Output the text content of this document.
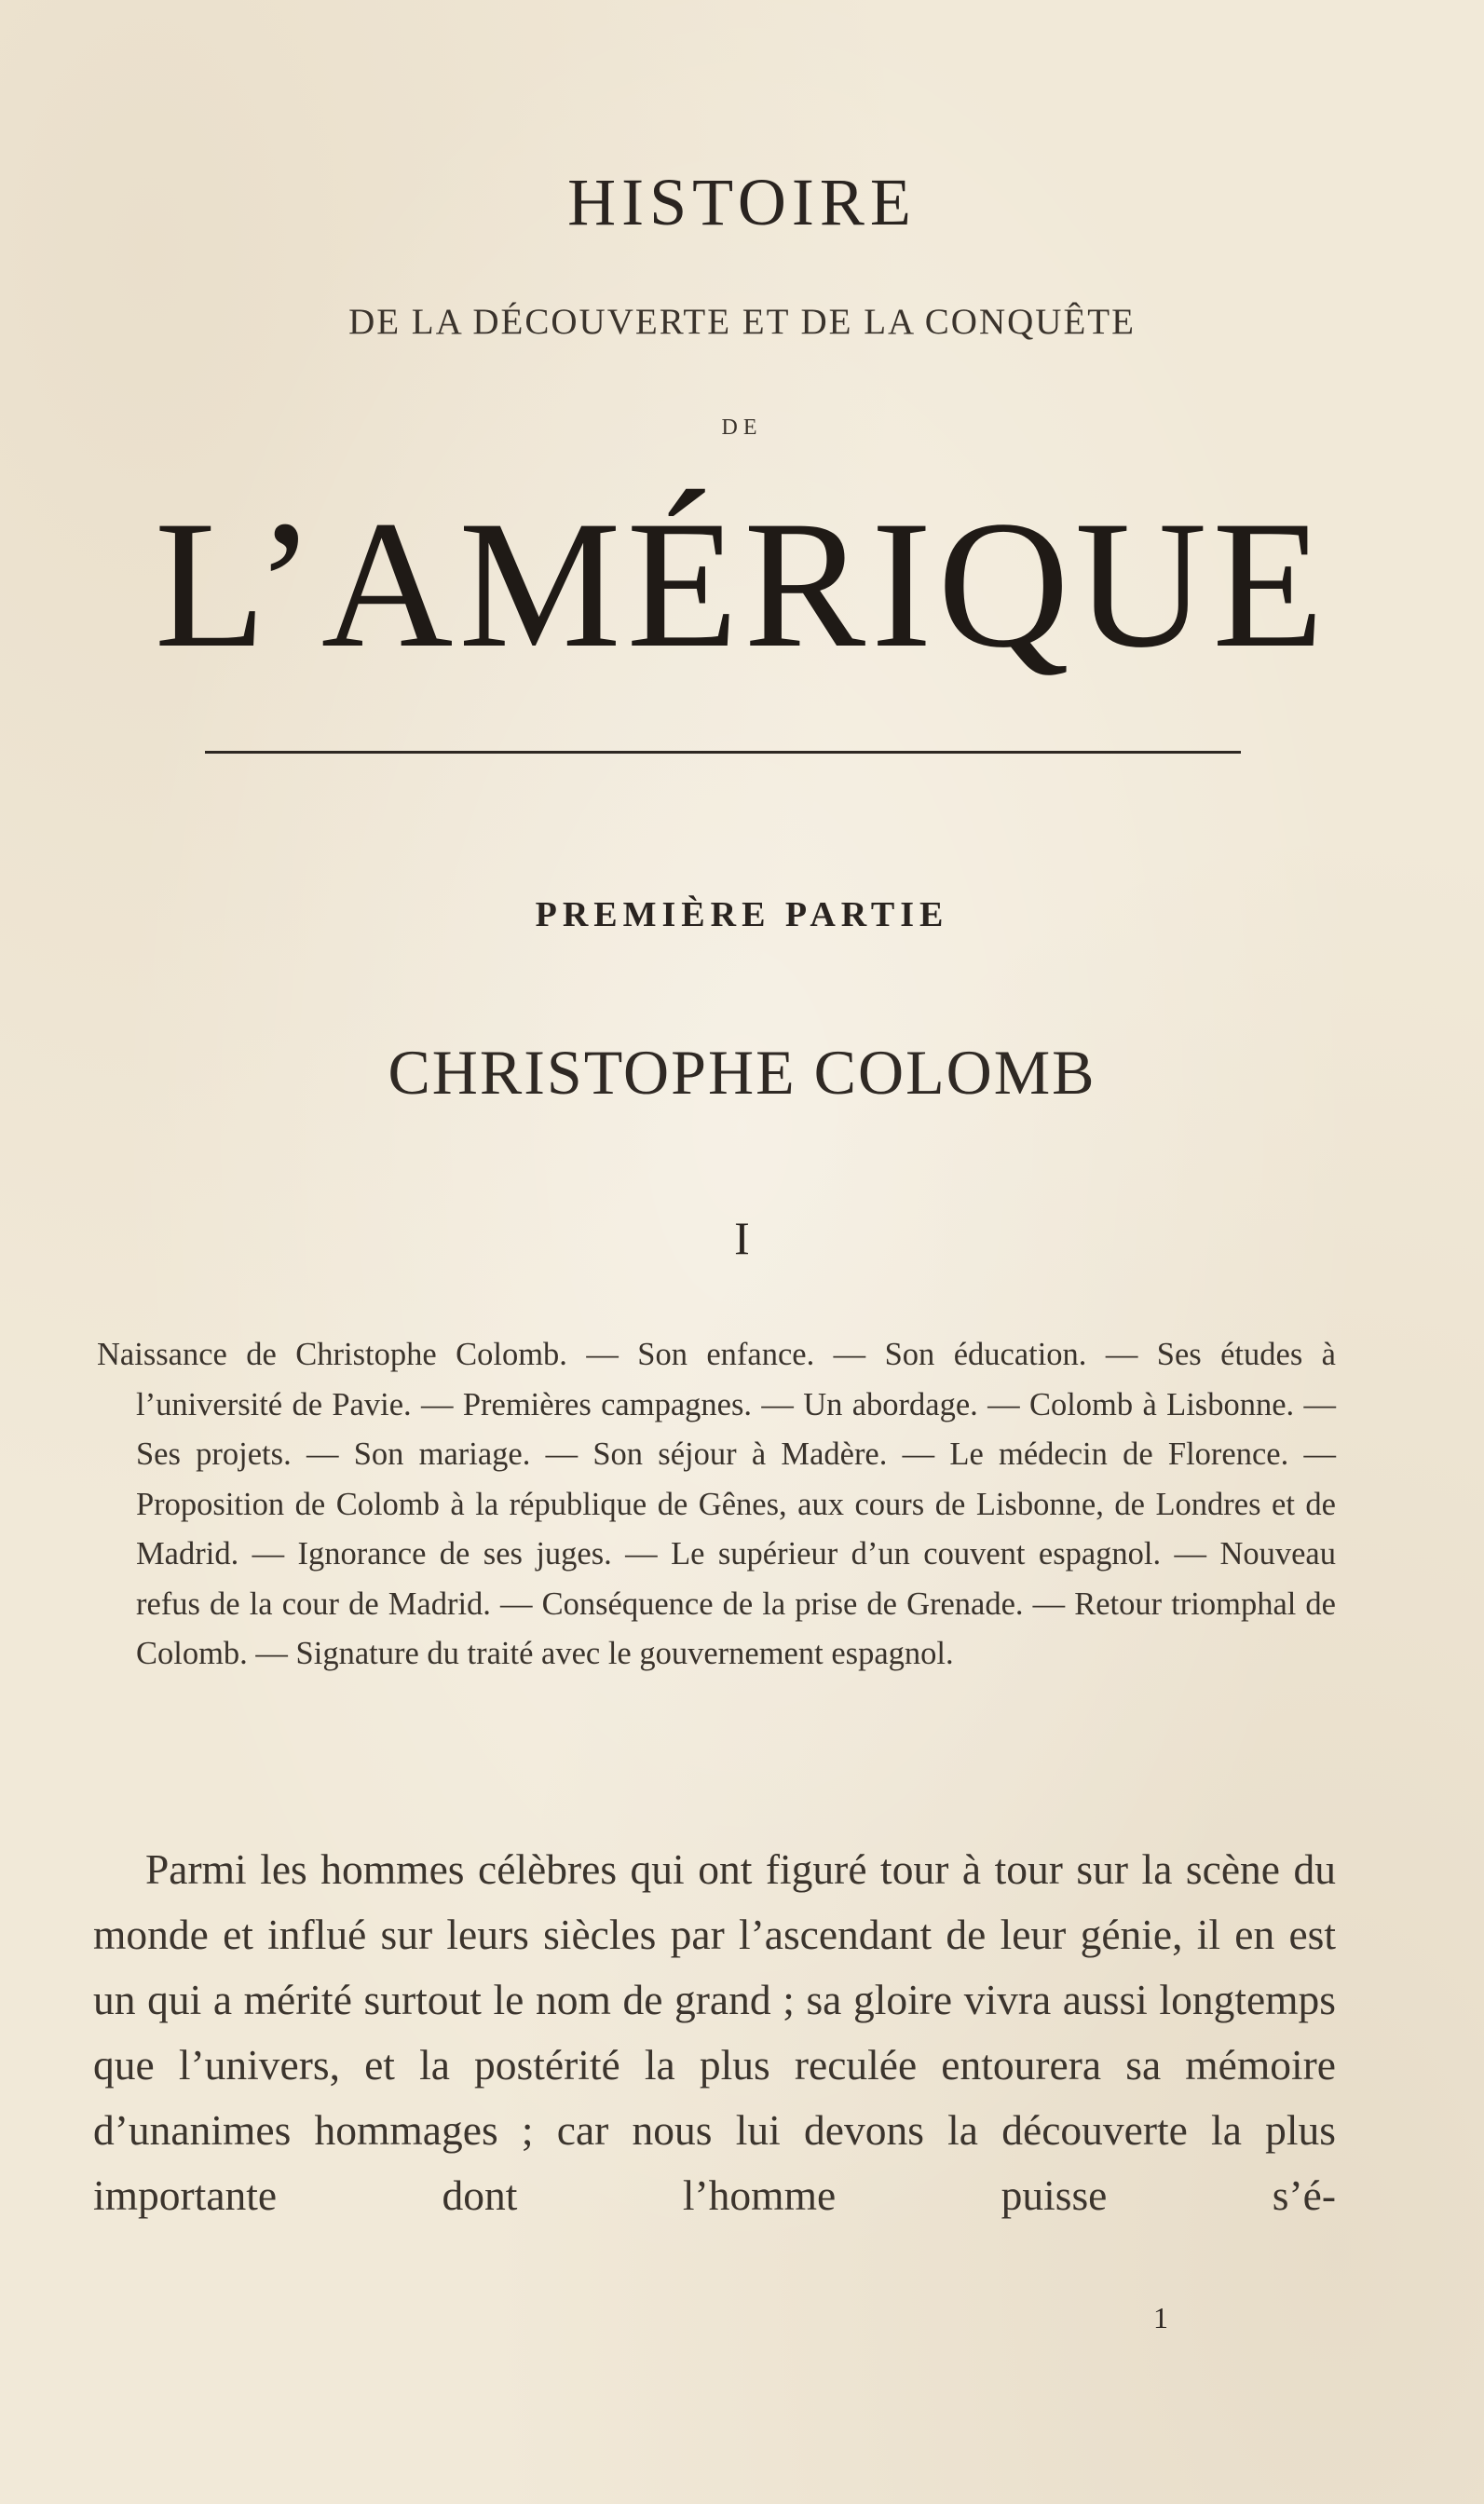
HISTOIRE
DE LA DÉCOUVERTE ET DE LA CONQUÊTE
DE
L’AMÉRIQUE
PREMIÈRE PARTIE
CHRISTOPHE COLOMB
I
Naissance de Christophe Colomb. — Son enfance. — Son éducation. — Ses études à l’université de Pavie. — Premières campagnes. — Un abordage. — Colomb à Lisbonne. — Ses projets. — Son mariage. — Son séjour à Madère. — Le médecin de Florence. — Proposition de Colomb à la république de Gênes, aux cours de Lisbonne, de Londres et de Madrid. — Ignorance de ses juges. — Le supérieur d’un couvent espagnol. — Nouveau refus de la cour de Madrid. — Conséquence de la prise de Grenade. — Retour triomphal de Colomb. — Signature du traité avec le gouvernement espagnol.
Parmi les hommes célèbres qui ont figuré tour à tour sur la scène du monde et influé sur leurs siècles par l’ascendant de leur génie, il en est un qui a mérité surtout le nom de grand ; sa gloire vivra aussi longtemps que l’univers, et la postérité la plus reculée entourera sa mémoire d’unanimes hommages ; car nous lui devons la découverte la plus importante dont l’homme puisse s’é-
1
